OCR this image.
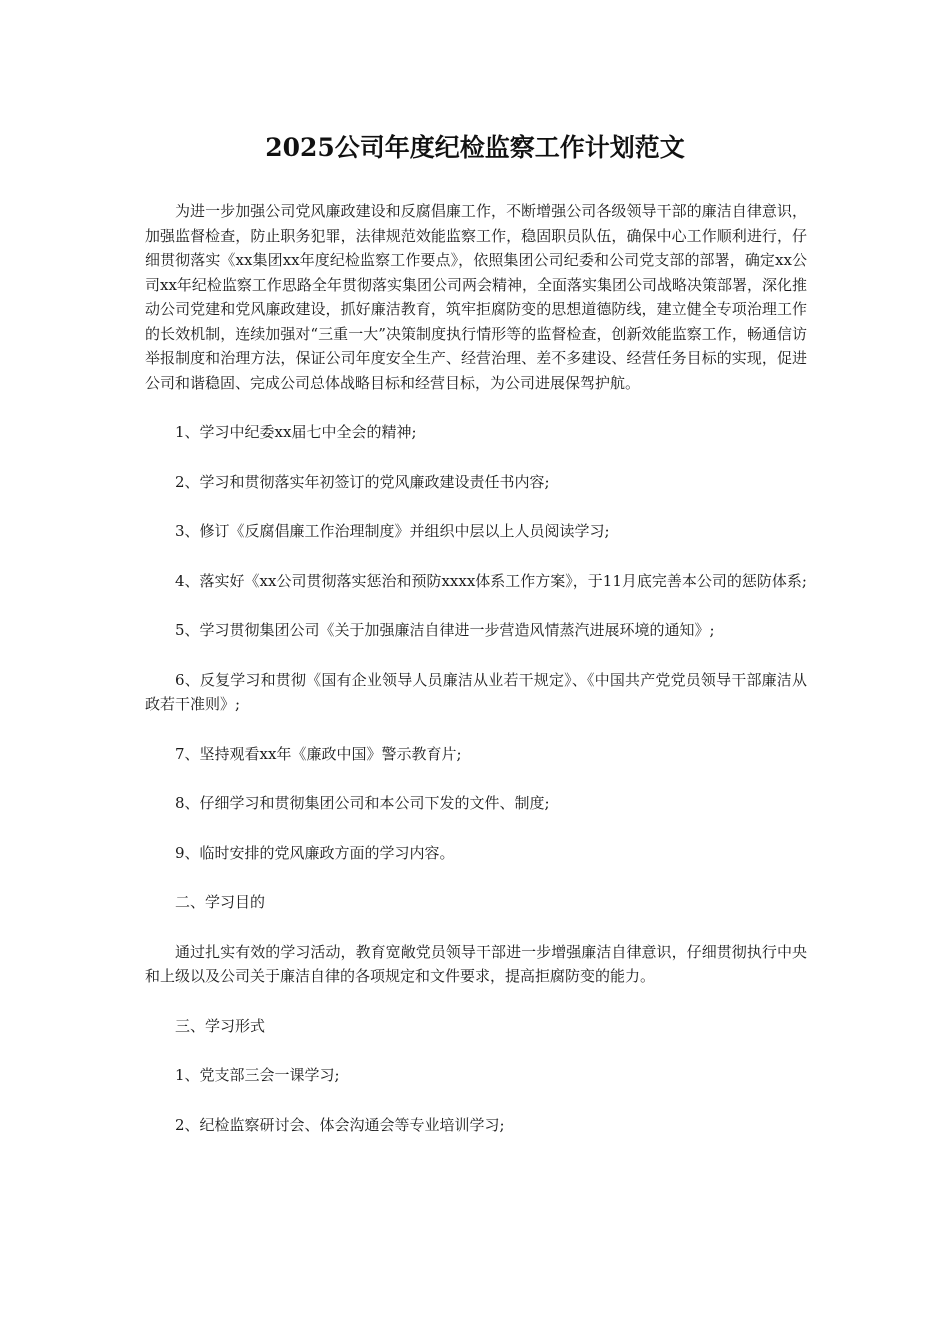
2025公司年度纪检监察工作计划范文

为进一步加强公司党风廉政建设和反腐倡廉工作，不断增强公司各级领导干部的廉洁自律意识，加强监督检查，防止职务犯罪，法律规范效能监察工作，稳固职员队伍，确保中心工作顺利进行，仔细贯彻落实《xx集团xx年度纪检监察工作要点》，依照集团公司纪委和公司党支部的部署，确定xx公司xx年纪检监察工作思路全年贯彻落实集团公司两会精神，全面落实集团公司战略决策部署，深化推动公司党建和党风廉政建设，抓好廉洁教育，筑牢拒腐防变的思想道德防线，建立健全专项治理工作的长效机制，连续加强对“三重一大”决策制度执行情形等的监督检查，创新效能监察工作，畅通信访举报制度和治理方法，保证公司年度安全生产、经营治理、差不多建设、经营任务目标的实现，促进公司和谐稳固、完成公司总体战略目标和经营目标，为公司进展保驾护航。

1、学习中纪委xx届七中全会的精神;

2、学习和贯彻落实年初签订的党风廉政建设责任书内容;

3、修订《反腐倡廉工作治理制度》并组织中层以上人员阅读学习;

4、落实好《xx公司贯彻落实惩治和预防xxxx体系工作方案》，于11月底完善本公司的惩防体系;

5、学习贯彻集团公司《关于加强廉洁自律进一步营造风情蒸汽进展环境的通知》;

6、反复学习和贯彻《国有企业领导人员廉洁从业若干规定》、《中国共产党党员领导干部廉洁从政若干准则》;

7、坚持观看xx年《廉政中国》警示教育片;

8、仔细学习和贯彻集团公司和本公司下发的文件、制度;

9、临时安排的党风廉政方面的学习内容。

二、学习目的

通过扎实有效的学习活动，教育宽敞党员领导干部进一步增强廉洁自律意识，仔细贯彻执行中央和上级以及公司关于廉洁自律的各项规定和文件要求，提高拒腐防变的能力。

三、学习形式

1、党支部三会一课学习;

2、纪检监察研讨会、体会沟通会等专业培训学习;
